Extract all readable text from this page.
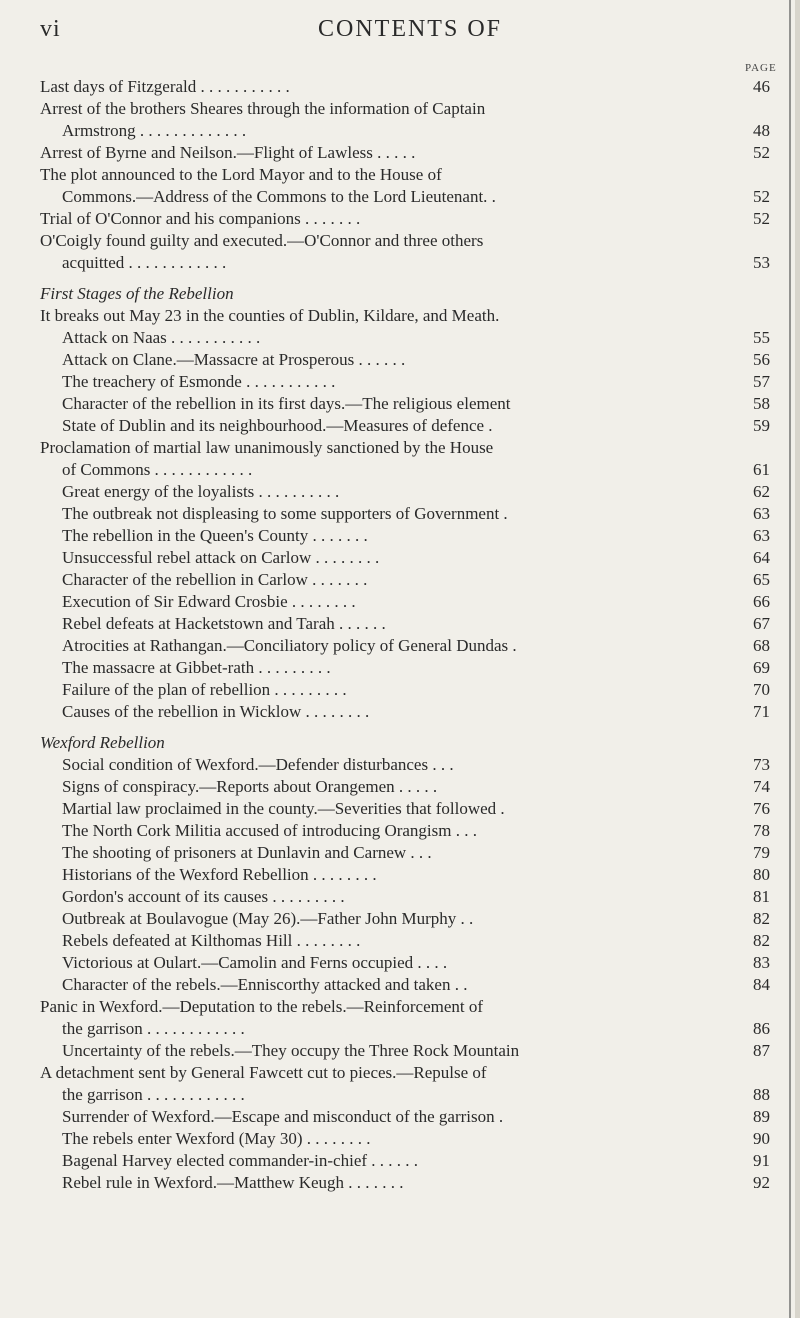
vi	CONTENTS OF
PAGE
Last days of Fitzgerald . . . . . . . . . . .	46
Arrest of the brothers Sheares through the information of Captain
Armstrong . . . . . . . . . . . . .	48
Arrest of Byrne and Neilson.—Flight of Lawless . . . . .	52
The plot announced to the Lord Mayor and to the House of
Commons.—Address of the Commons to the Lord Lieutenant. .	52
Trial of O'Connor and his companions . . . . . . .	52
O'Coigly found guilty and executed.—O'Connor and three others
acquitted . . . . . . . . . . . .	53
First Stages of the Rebellion
It breaks out May 23 in the counties of Dublin, Kildare, and Meath.
Attack on Naas . . . . . . . . . . .	55
Attack on Clane.—Massacre at Prosperous . . . . . .	56
The treachery of Esmonde . . . . . . . . . . .	57
Character of the rebellion in its first days.—The religious element	58
State of Dublin and its neighbourhood.—Measures of defence .	59
Proclamation of martial law unanimously sanctioned by the House
of Commons . . . . . . . . . . . .	61
Great energy of the loyalists . . . . . . . . . .	62
The outbreak not displeasing to some supporters of Government .	63
The rebellion in the Queen's County . . . . . . .	63
Unsuccessful rebel attack on Carlow . . . . . . . .	64
Character of the rebellion in Carlow . . . . . . .	65
Execution of Sir Edward Crosbie . . . . . . . .	66
Rebel defeats at Hacketstown and Tarah . . . . . .	67
Atrocities at Rathangan.—Conciliatory policy of General Dundas .	68
The massacre at Gibbet-rath . . . . . . . . .	69
Failure of the plan of rebellion . . . . . . . . .	70
Causes of the rebellion in Wicklow . . . . . . . .	71
Wexford Rebellion
Social condition of Wexford.—Defender disturbances . . .	73
Signs of conspiracy.—Reports about Orangemen . . . . .	74
Martial law proclaimed in the county.—Severities that followed .	76
The North Cork Militia accused of introducing Orangism . . .	78
The shooting of prisoners at Dunlavin and Carnew . . .	79
Historians of the Wexford Rebellion . . . . . . . .	80
Gordon's account of its causes . . . . . . . . .	81
Outbreak at Boulavogue (May 26).—Father John Murphy . .	82
Rebels defeated at Kilthomas Hill . . . . . . . .	82
Victorious at Oulart.—Camolin and Ferns occupied . . . .	83
Character of the rebels.—Enniscorthy attacked and taken . .	84
Panic in Wexford.—Deputation to the rebels.—Reinforcement of
the garrison . . . . . . . . . . . .	86
Uncertainty of the rebels.—They occupy the Three Rock Mountain	87
A detachment sent by General Fawcett cut to pieces.—Repulse of
the garrison . . . . . . . . . . . .	88
Surrender of Wexford.—Escape and misconduct of the garrison .	89
The rebels enter Wexford (May 30) . . . . . . . .	90
Bagenal Harvey elected commander-in-chief . . . . . .	91
Rebel rule in Wexford.—Matthew Keugh . . . . . . .	92
